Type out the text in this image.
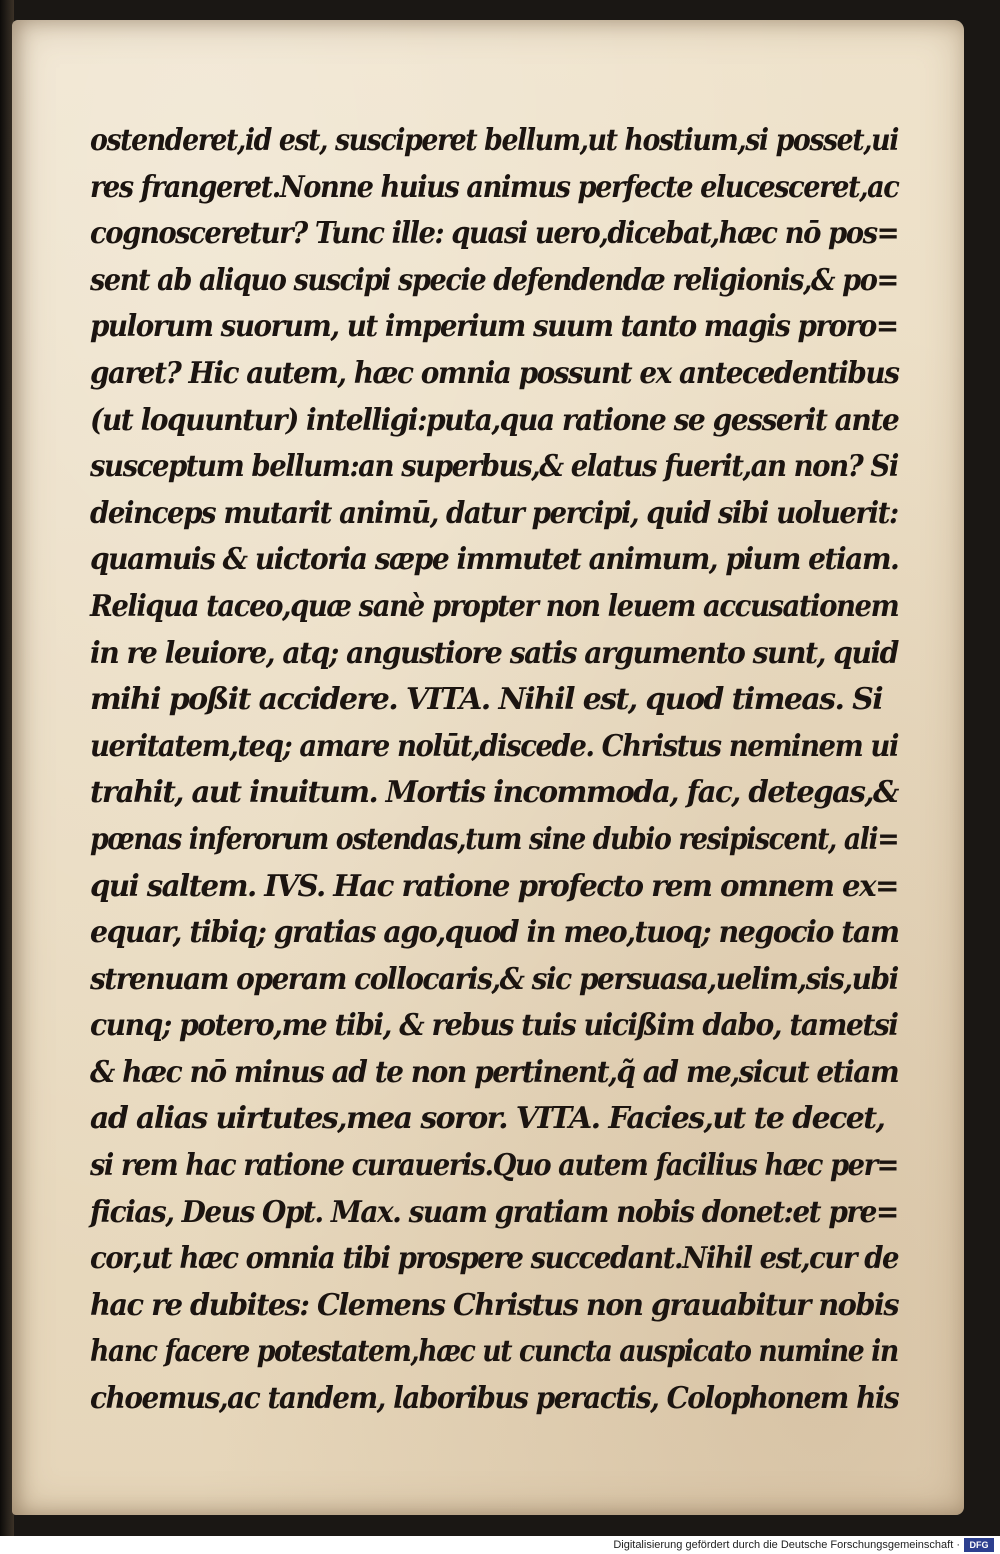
ostenderet,id est, susciperet bellum,ut hostium,si posset,ui
res frangeret.Nonne huius animus perfecte elucesceret,ac
cognosceretur? Tunc ille: quasi uero,dicebat,hæc nō pos=
sent ab aliquo suscipi specie defendendæ religionis,& po=
pulorum suorum, ut imperium suum tanto magis proro=
garet? Hic autem, hæc omnia possunt ex antecedentibus
(ut loquuntur) intelligi:puta,qua ratione se gesserit ante
susceptum bellum:an superbus,& elatus fuerit,an non? Si
deinceps mutarit animū, datur percipi, quid sibi uoluerit:
quamuis & uictoria sæpe immutet animum, pium etiam.
Reliqua taceo,quæ sanè propter non leuem accusationem
in re leuiore, atq; angustiore satis argumento sunt, quid
mihi poßit accidere. VITA. Nihil est, quod timeas. Si
ueritatem,teq; amare nolūt,discede. Christus neminem ui
trahit, aut inuitum. Mortis incommoda, fac, detegas,&
pœnas inferorum ostendas,tum sine dubio resipiscent, ali=
qui saltem. IVS. Hac ratione profecto rem omnem ex=
equar, tibiq; gratias ago,quod in meo,tuoq; negocio tam
strenuam operam collocaris,& sic persuasa,uelim,sis,ubi
cunq; potero,me tibi, & rebus tuis uicißim dabo, tametsi
& hæc nō minus ad te non pertinent,q̃ ad me,sicut etiam
ad alias uirtutes,mea soror. VITA. Facies,ut te decet,
si rem hac ratione curaueris.Quo autem facilius hæc per=
ficias, Deus Opt. Max. suam gratiam nobis donet:et pre=
cor,ut hæc omnia tibi prospere succedant.Nihil est,cur de
hac re dubites: Clemens Christus non grauabitur nobis
hanc facere potestatem,hæc ut cuncta auspicato numine in
choemus,ac tandem, laboribus peractis, Colophonem his
Digitalisierung gefördert durch die Deutsche Forschungsgemeinschaft ·	DFG
